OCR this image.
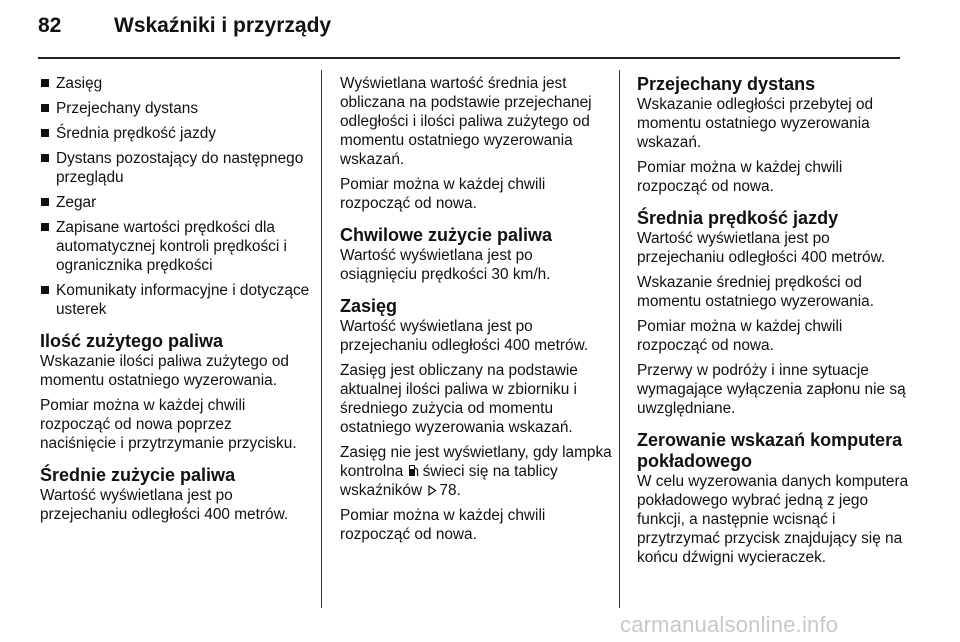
82	Wskaźniki i przyrządy
Zasięg
Przejechany dystans
Średnia prędkość jazdy
Dystans pozostający do następnego przeglądu
Zegar
Zapisane wartości prędkości dla automatycznej kontroli prędkości i ogranicznika prędkości
Komunikaty informacyjne i dotyczące usterek
Ilość zużytego paliwa

Wskazanie ilości paliwa zużytego od momentu ostatniego wyzerowania.

Pomiar można w każdej chwili rozpocząć od nowa poprzez naciśnięcie i przytrzymanie przycisku.

Średnie zużycie paliwa

Wartość wyświetlana jest po przejechaniu odległości 400 metrów.

Wyświetlana wartość średnia jest obliczana na podstawie przejechanej odległości i ilości paliwa zużytego od momentu ostatniego wyzerowania wskazań.

Pomiar można w każdej chwili rozpocząć od nowa.

Chwilowe zużycie paliwa

Wartość wyświetlana jest po osiągnięciu prędkości 30 km/h.

Zasięg

Wartość wyświetlana jest po przejechaniu odległości 400 metrów.

Zasięg jest obliczany na podstawie aktualnej ilości paliwa w zbiorniku i średniego zużycia od momentu ostatniego wyzerowania wskazań.

Zasięg nie jest wyświetlany, gdy lampka kontrolna świeci się na tablicy wskaźników 78.

Pomiar można w każdej chwili rozpocząć od nowa.

Przejechany dystans

Wskazanie odległości przebytej od momentu ostatniego wyzerowania wskazań.

Pomiar można w każdej chwili rozpocząć od nowa.

Średnia prędkość jazdy

Wartość wyświetlana jest po przejechaniu odległości 400 metrów.

Wskazanie średniej prędkości od momentu ostatniego wyzerowania.

Pomiar można w każdej chwili rozpocząć od nowa.

Przerwy w podróży i inne sytuacje wymagające wyłączenia zapłonu nie są uwzględniane.

Zerowanie wskazań komputera pokładowego

W celu wyzerowania danych komputera pokładowego wybrać jedną z jego funkcji, a następnie wcisnąć i przytrzymać przycisk znajdujący się na końcu dźwigni wycieraczek.

carmanualsonline.info
